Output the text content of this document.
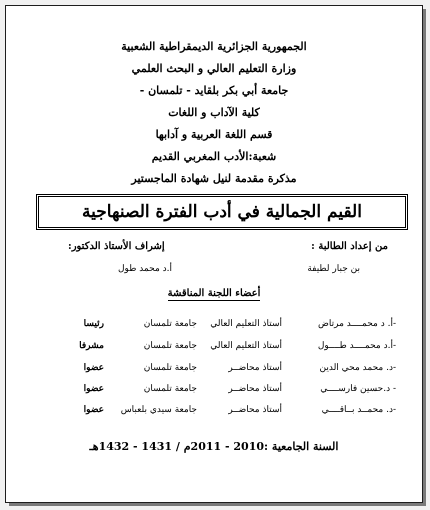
الجمهورية الجزائرية الديمقراطية الشعبية
وزارة التعليم العالي و البحث العلمي
جامعة أبي بكر بلقايد - تلمسان -
كلية الآداب و اللغات
قسم اللغة العربية و آدابها
شعبة:الأدب المغربي القديم
مذكرة مقدمة لنيل شهادة الماجستير
القيم الجمالية في أدب الفترة الصنهاجية
من إعداد الطالبة :
إشراف الأستاذ الدكتور:
بن جبار لطيفة
أ.د محمد طول
أعضاء اللجنة المناقشة
-أ. د محمــــد مرتاض
أستاذ التعليم العالي
جامعة تلمسان
رئيسا
-أ.د محمــــد طــــول
أستاذ التعليم العالي
جامعة تلمسان
مشرفا
-د. محمد محي الدين
أستاذ محاضــر
جامعة تلمسان
عضوا
- د.حسين فارســــي
أستاذ محاضــر
جامعة تلمسان
عضوا
-د. محمــد بــاقــــي
أستاذ محاضــر
جامعة سيدي بلعباس
عضوا
السنة الجامعية :2010 - 2011م / 1431 - 1432هـ
